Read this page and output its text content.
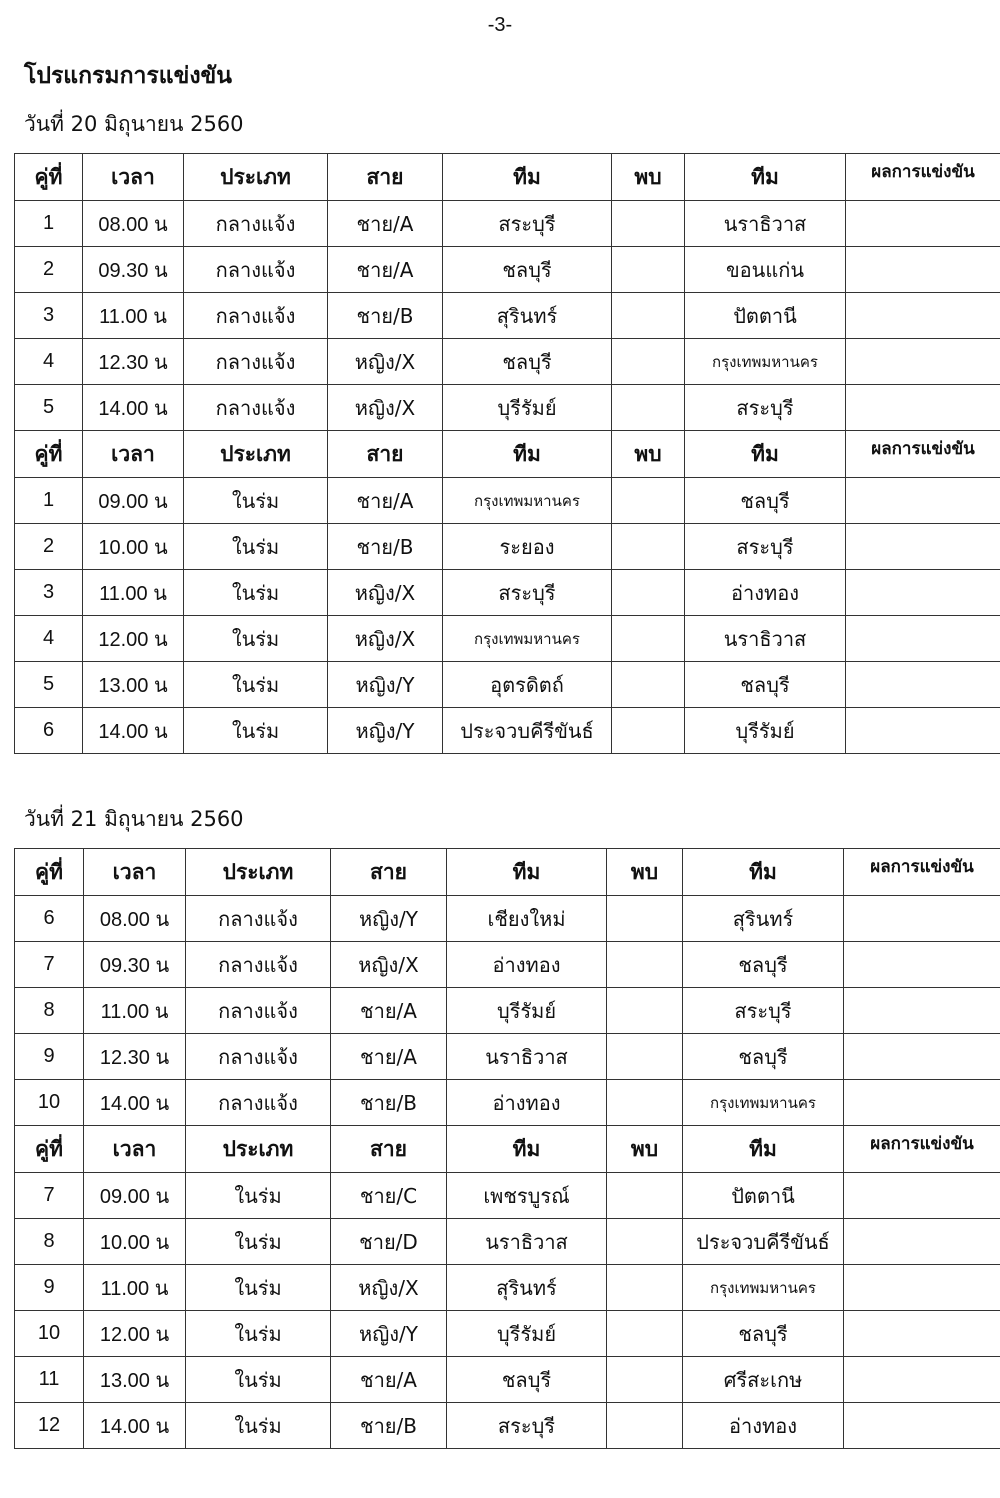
-3-
โปรแกรมการแข่งขัน
วันที่ 20 มิถุนายน 2560
วันที่ 21 มิถุนายน 2560
คู่ที่	เวลา	ประเภท	สาย	ทีม	พบ	ทีม	ผลการแข่งขัน
1	08.00 น	กลางแจ้ง	ชาย/A	สระบุรี		นราธิวาส	
2	09.30 น	กลางแจ้ง	ชาย/A	ชลบุรี		ขอนแก่น	
3	11.00 น	กลางแจ้ง	ชาย/B	สุรินทร์		ปัตตานี	
4	12.30 น	กลางแจ้ง	หญิง/X	ชลบุรี		กรุงเทพมหานคร	
5	14.00 น	กลางแจ้ง	หญิง/X	บุรีรัมย์		สระบุรี	
คู่ที่	เวลา	ประเภท	สาย	ทีม	พบ	ทีม	ผลการแข่งขัน
1	09.00 น	ในร่ม	ชาย/A	กรุงเทพมหานคร		ชลบุรี	
2	10.00 น	ในร่ม	ชาย/B	ระยอง		สระบุรี	
3	11.00 น	ในร่ม	หญิง/X	สระบุรี		อ่างทอง	
4	12.00 น	ในร่ม	หญิง/X	กรุงเทพมหานคร		นราธิวาส	
5	13.00 น	ในร่ม	หญิง/Y	อุตรดิตถ์		ชลบุรี	
6	14.00 น	ในร่ม	หญิง/Y	ประจวบคีรีขันธ์		บุรีรัมย์	
คู่ที่	เวลา	ประเภท	สาย	ทีม	พบ	ทีม	ผลการแข่งขัน
6	08.00 น	กลางแจ้ง	หญิง/Y	เชียงใหม่		สุรินทร์	
7	09.30 น	กลางแจ้ง	หญิง/X	อ่างทอง		ชลบุรี	
8	11.00 น	กลางแจ้ง	ชาย/A	บุรีรัมย์		สระบุรี	
9	12.30 น	กลางแจ้ง	ชาย/A	นราธิวาส		ชลบุรี	
10	14.00 น	กลางแจ้ง	ชาย/B	อ่างทอง		กรุงเทพมหานคร	
คู่ที่	เวลา	ประเภท	สาย	ทีม	พบ	ทีม	ผลการแข่งขัน
7	09.00 น	ในร่ม	ชาย/C	เพชรบูรณ์		ปัตตานี	
8	10.00 น	ในร่ม	ชาย/D	นราธิวาส		ประจวบคีรีขันธ์	
9	11.00 น	ในร่ม	หญิง/X	สุรินทร์		กรุงเทพมหานคร	
10	12.00 น	ในร่ม	หญิง/Y	บุรีรัมย์		ชลบุรี	
11	13.00 น	ในร่ม	ชาย/A	ชลบุรี		ศรีสะเกษ	
12	14.00 น	ในร่ม	ชาย/B	สระบุรี		อ่างทอง	
